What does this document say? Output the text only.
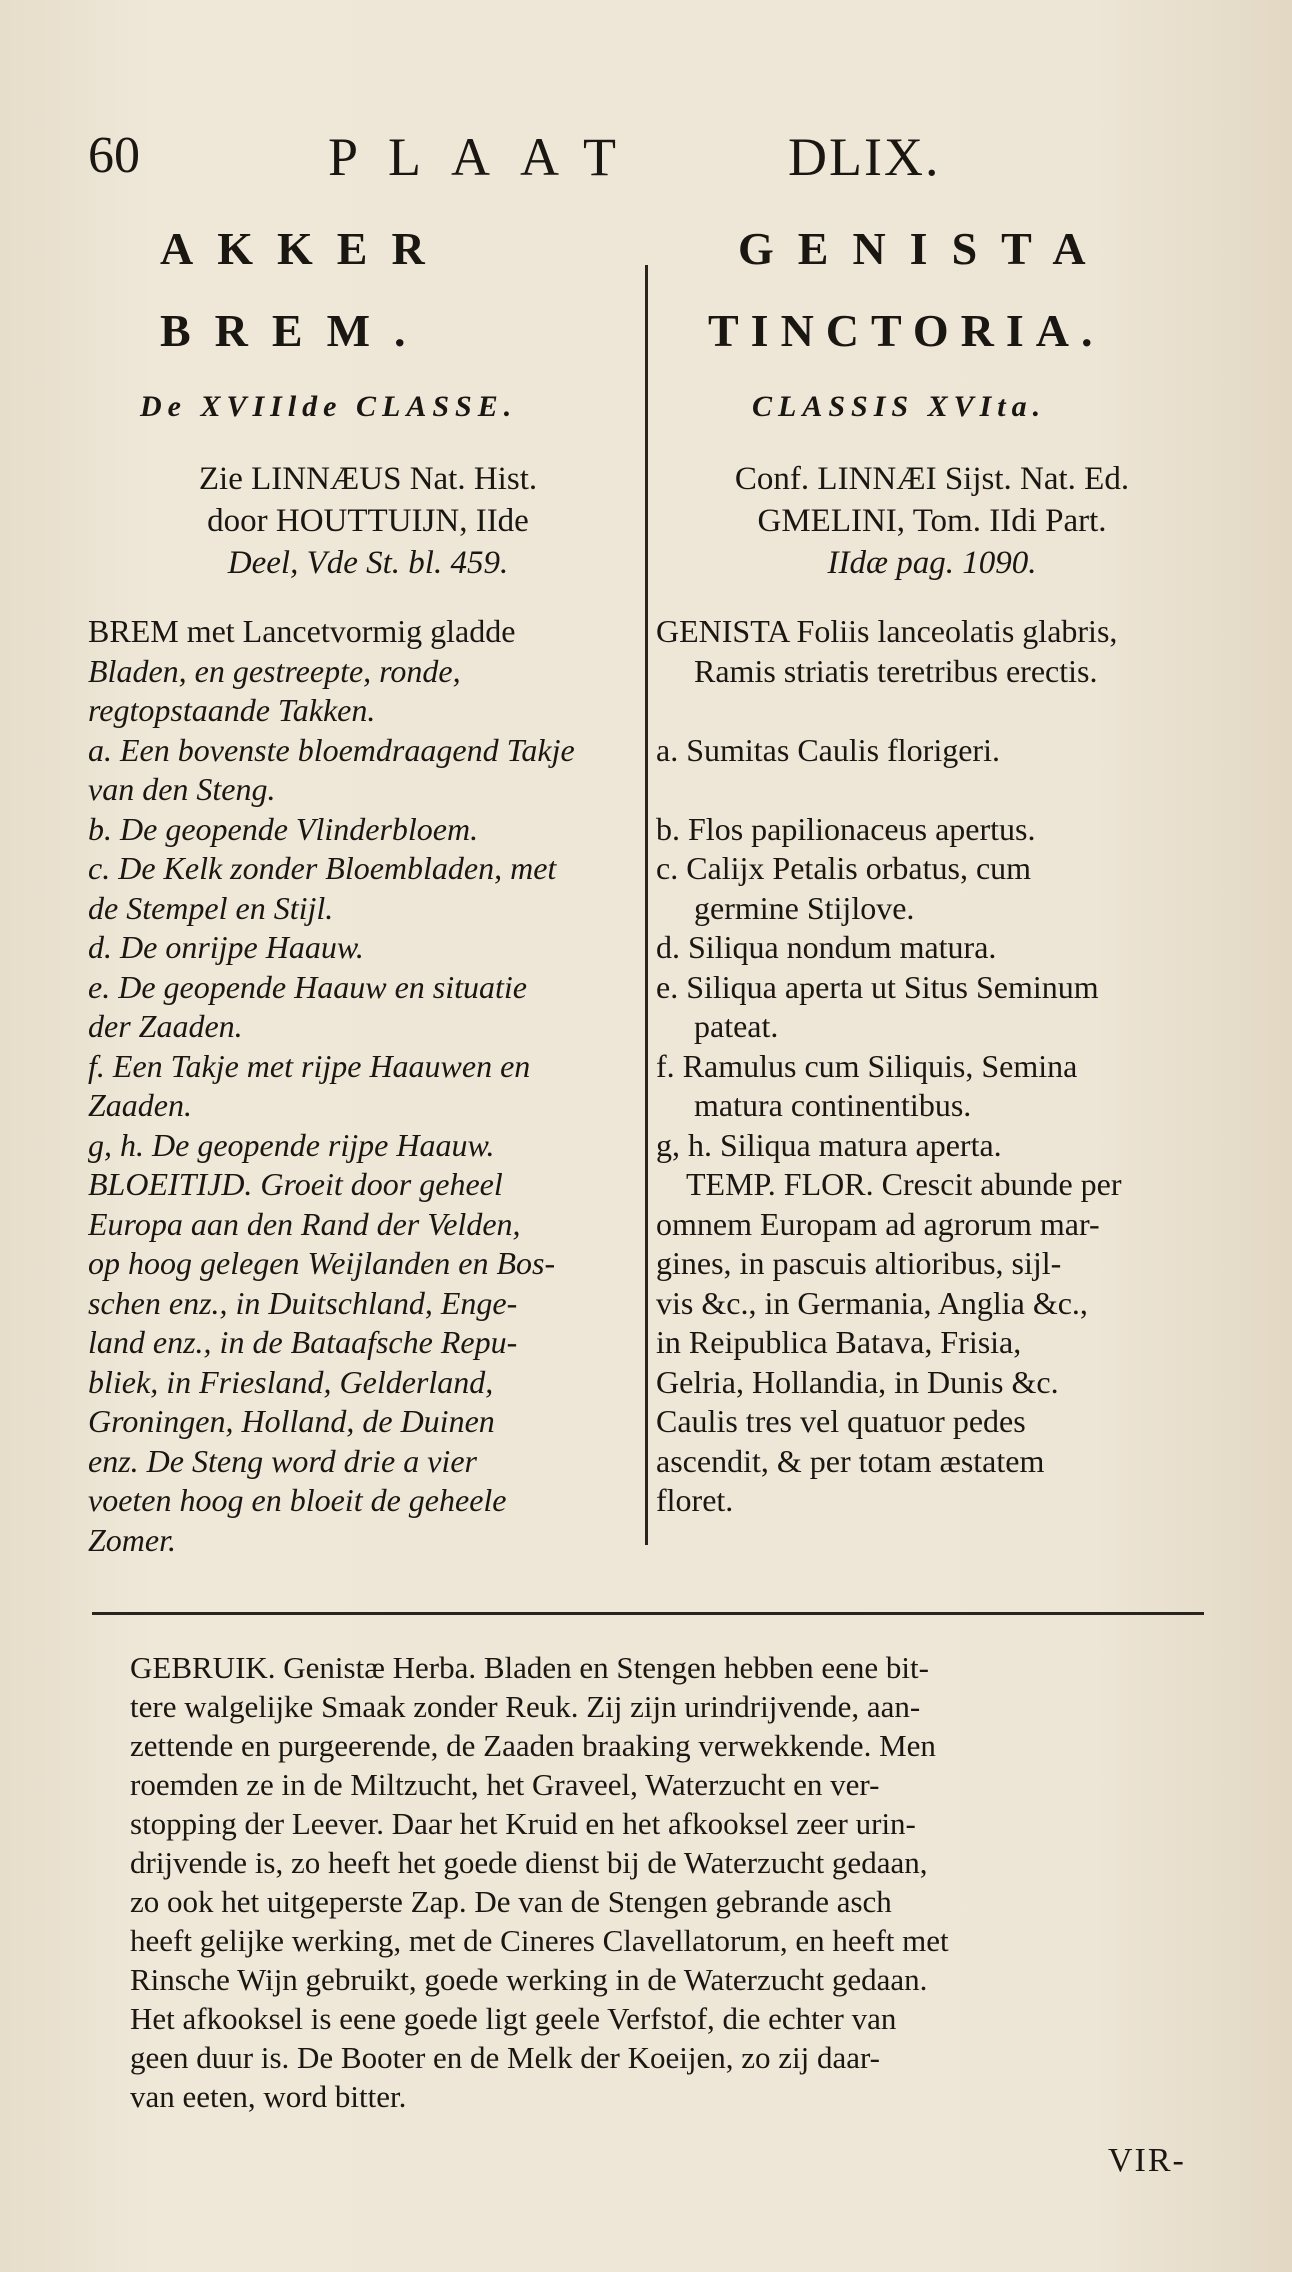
60	PLAAT	DLIX.
AKKER
BREM.
De XVIIlde CLASSE.
Zie LINNÆUS Nat. Hist.
door HOUTTUIJN, IIde
Deel, Vde St. bl. 459.
GENISTA
TINCTORIA.
CLASSIS XVIta.
Conf. LINNÆI Sijst. Nat. Ed.
GMELINI, Tom. IIdi Part.
IIdæ pag. 1090.
BREM met Lancetvormig gladde
Bladen, en gestreepte, ronde,
regtopstaande Takken.
a. Een bovenste bloemdraagend Takje
van den Steng.
b. De geopende Vlinderbloem.
c. De Kelk zonder Bloembladen, met
de Stempel en Stijl.
d. De onrijpe Haauw.
e. De geopende Haauw en situatie
der Zaaden.
f. Een Takje met rijpe Haauwen en
Zaaden.
g, h. De geopende rijpe Haauw.
BLOEITIJD. Groeit door geheel
Europa aan den Rand der Velden,
op hoog gelegen Weijlanden en Bos-
schen enz., in Duitschland, Enge-
land enz., in de Bataafsche Repu-
bliek, in Friesland, Gelderland,
Groningen, Holland, de Duinen
enz. De Steng word drie a vier
voeten hoog en bloeit de geheele
Zomer.
GENISTA Foliis lanceolatis glabris,
Ramis striatis teretribus erectis.
a. Sumitas Caulis florigeri.
b. Flos papilionaceus apertus.
c. Calijx Petalis orbatus, cum
germine Stijlove.
d. Siliqua nondum matura.
e. Siliqua aperta ut Situs Seminum
pateat.
f. Ramulus cum Siliquis, Semina
matura continentibus.
g, h. Siliqua matura aperta.
TEMP. FLOR. Crescit abunde per
omnem Europam ad agrorum mar-
gines, in pascuis altioribus, sijl-
vis &c., in Germania, Anglia &c.,
in Reipublica Batava, Frisia,
Gelria, Hollandia, in Dunis &c.
Caulis tres vel quatuor pedes
ascendit, & per totam æstatem
floret.
GEBRUIK. Genistæ Herba. Bladen en Stengen hebben eene bit-
tere walgelijke Smaak zonder Reuk. Zij zijn urindrijvende, aan-
zettende en purgeerende, de Zaaden braaking verwekkende. Men
roemden ze in de Miltzucht, het Graveel, Waterzucht en ver-
stopping der Leever. Daar het Kruid en het afkooksel zeer urin-
drijvende is, zo heeft het goede dienst bij de Waterzucht gedaan,
zo ook het uitgeperste Zap. De van de Stengen gebrande asch
heeft gelijke werking, met de Cineres Clavellatorum, en heeft met
Rinsche Wijn gebruikt, goede werking in de Waterzucht gedaan.
Het afkooksel is eene goede ligt geele Verfstof, die echter van
geen duur is. De Booter en de Melk der Koeijen, zo zij daar-
van eeten, word bitter.
VIR-
